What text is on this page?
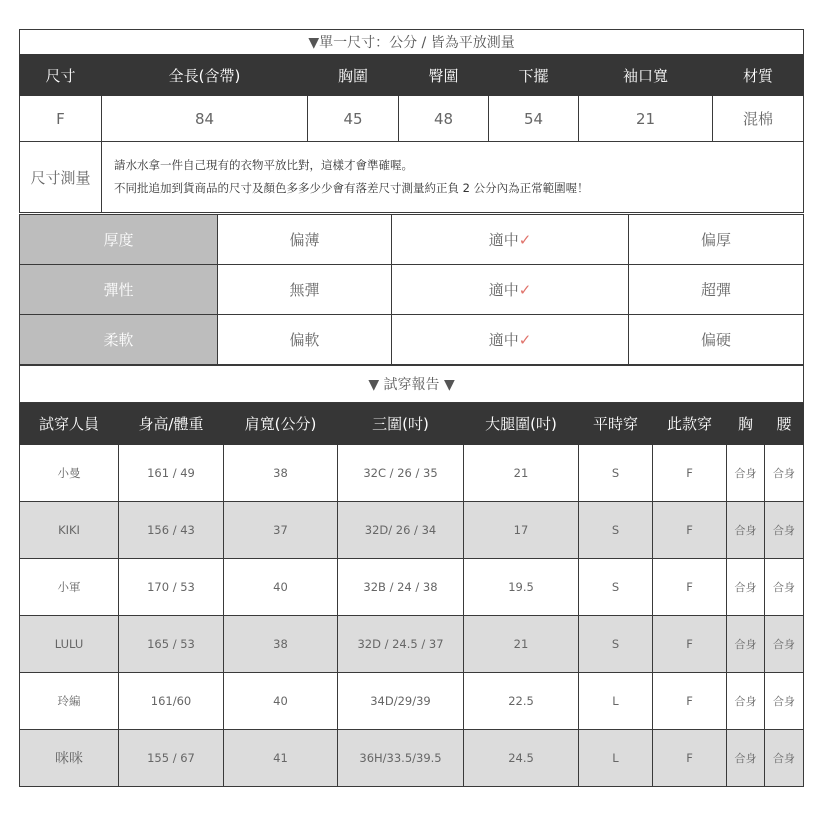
▼單一尺寸：公分 / 皆為平放測量						
尺寸	全長(含帶)	胸圍	臀圍	下擺	袖口寬	材質
F	84	45	48	54	21	混棉
尺寸測量	請水水拿一件自己現有的衣物平放比對，這樣才會準確喔。
不同批追加到貨商品的尺寸及顏色多多少少會有落差尺寸測量約正負 2 公分內為正常範圍喔！					
厚度	偏薄	適中✓	偏厚
彈性	無彈	適中✓	超彈
柔軟	偏軟	適中✓	偏硬
▼ 試穿報告 ▼								
試穿人員	身高/體重	肩寬(公分)	三圍(吋)	大腿圍(吋)	平時穿	此款穿	胸	腰
小曼	161 / 49	38	32C / 26 / 35	21	S	F	合身	合身
KIKI	156 / 43	37	32D/ 26 / 34	17	S	F	合身	合身
小軍	170 / 53	40	32B / 24 / 38	19.5	S	F	合身	合身
LULU	165 / 53	38	32D / 24.5 / 37	21	S	F	合身	合身
玲編	161/60	40	34D/29/39	22.5	L	F	合身	合身
咪咪	155 / 67	41	36H/33.5/39.5	24.5	L	F	合身	合身
